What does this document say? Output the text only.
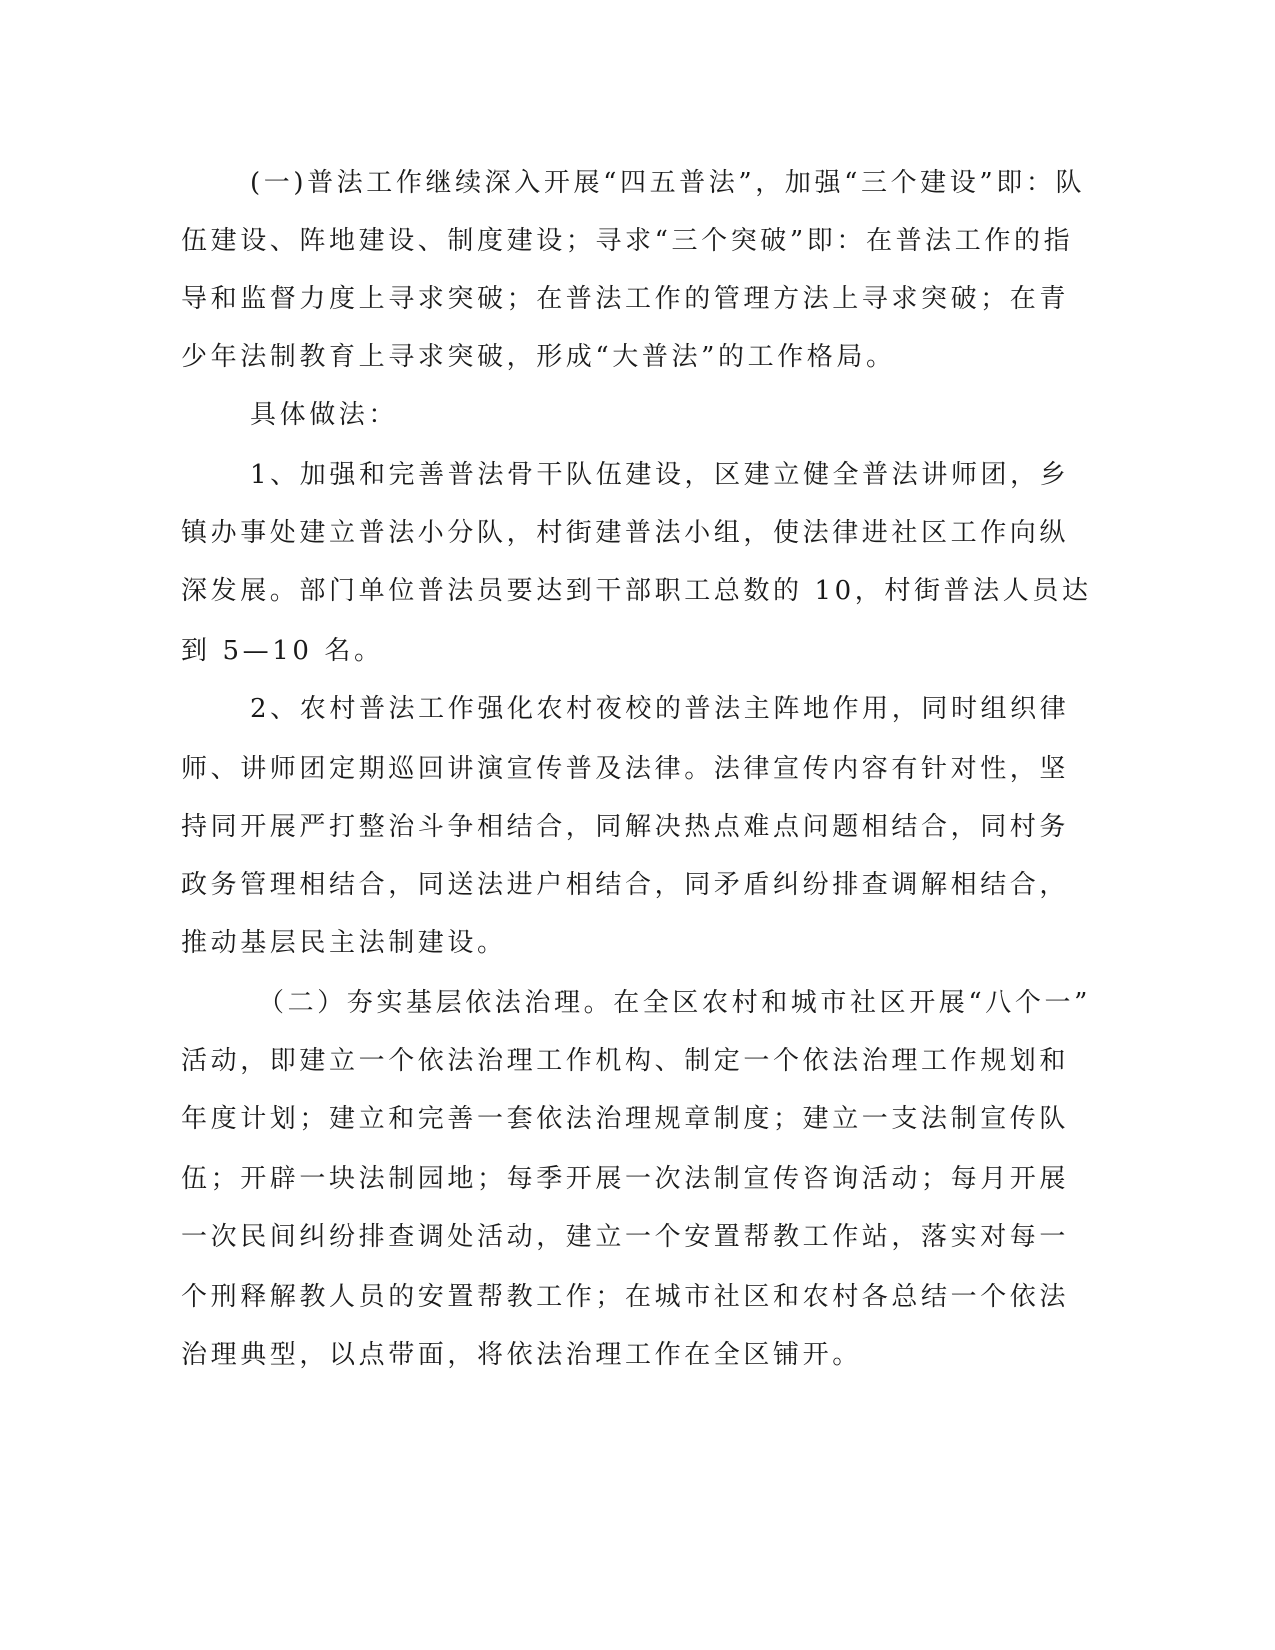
(一)普法工作继续深入开展“四五普法”，加强“三个建设”即：队

伍建设、阵地建设、制度建设；寻求“三个突破”即：在普法工作的指

导和监督力度上寻求突破；在普法工作的管理方法上寻求突破；在青

少年法制教育上寻求突破，形成“大普法”的工作格局。

具体做法：

1、加强和完善普法骨干队伍建设，区建立健全普法讲师团，乡

镇办事处建立普法小分队，村街建普法小组，使法律进社区工作向纵

深发展。部门单位普法员要达到干部职工总数的 10，村街普法人员达

到 5—10 名。

2、农村普法工作强化农村夜校的普法主阵地作用，同时组织律

师、讲师团定期巡回讲演宣传普及法律。法律宣传内容有针对性，坚

持同开展严打整治斗争相结合，同解决热点难点问题相结合，同村务

政务管理相结合，同送法进户相结合，同矛盾纠纷排查调解相结合，

推动基层民主法制建设。

（二）夯实基层依法治理。在全区农村和城市社区开展“八个一”

活动，即建立一个依法治理工作机构、制定一个依法治理工作规划和

年度计划；建立和完善一套依法治理规章制度；建立一支法制宣传队

伍；开辟一块法制园地；每季开展一次法制宣传咨询活动；每月开展

一次民间纠纷排查调处活动，建立一个安置帮教工作站，落实对每一

个刑释解教人员的安置帮教工作；在城市社区和农村各总结一个依法

治理典型，以点带面，将依法治理工作在全区铺开。
